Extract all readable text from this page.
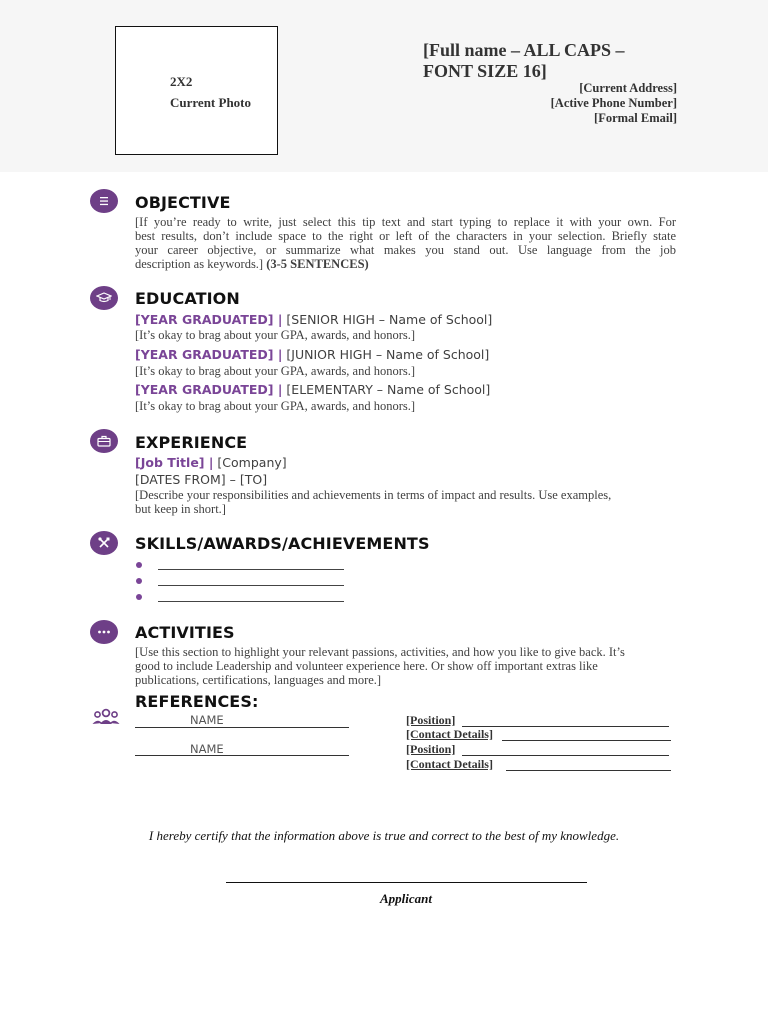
2X2
Current Photo
[Full name – ALL CAPS –
FONT SIZE 16]
[Current Address]
[Active Phone Number]
[Formal Email]
OBJECTIVE
[If you’re ready to write, just select this tip text and start typing to replace it with your own. For
best results, don’t include space to the right or left of the characters in your selection. Briefly state
your career objective, or summarize what makes you stand out. Use language from the job
description as keywords.] (3-5 SENTENCES)
EDUCATION
[YEAR GRADUATED] | [SENIOR HIGH – Name of School]
[It’s okay to brag about your GPA, awards, and honors.]
[YEAR GRADUATED] | [JUNIOR HIGH – Name of School]
[It’s okay to brag about your GPA, awards, and honors.]
[YEAR GRADUATED] | [ELEMENTARY – Name of School]
[It’s okay to brag about your GPA, awards, and honors.]
EXPERIENCE
[Job Title] | [Company]
[DATES FROM] – [TO]
[Describe your responsibilities and achievements in terms of impact and results. Use examples,
but keep in short.]
SKILLS/AWARDS/ACHIEVEMENTS
ACTIVITIES
[Use this section to highlight your relevant passions, activities, and how you like to give back. It’s
good to include Leadership and volunteer experience here. Or show off important extras like
publications, certifications, languages and more.]
REFERENCES:
NAME
NAME
[Position]
[Contact Details]
[Position]
[Contact Details]
I hereby certify that the information above is true and correct to the best of my knowledge.
Applicant
